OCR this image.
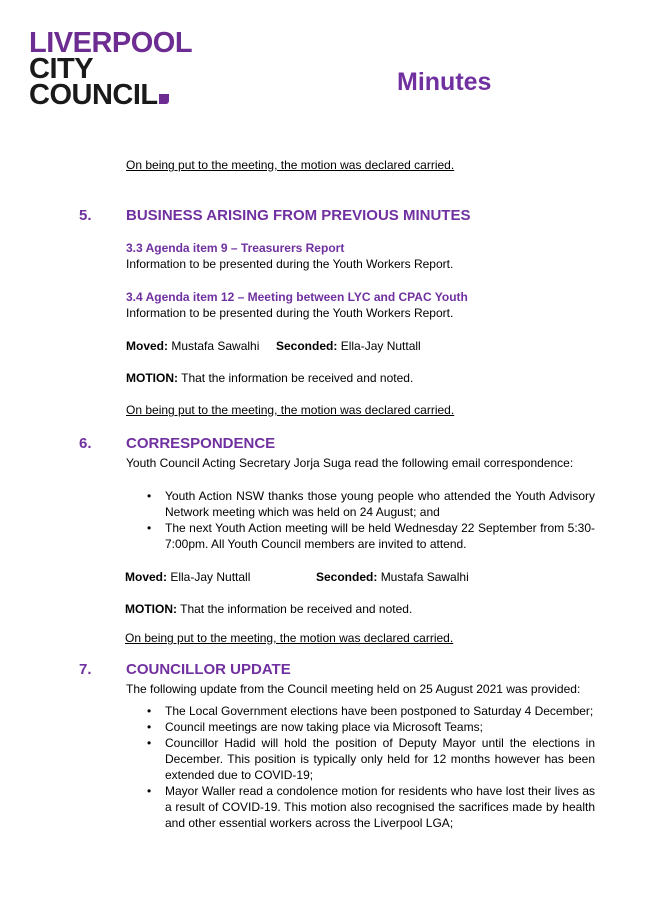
LIVERPOOL
CITY
COUNCIL	Minutes
On being put to the meeting, the motion was declared carried.
5. BUSINESS ARISING FROM PREVIOUS MINUTES
3.3 Agenda item 9 – Treasurers Report
Information to be presented during the Youth Workers Report.
3.4 Agenda item 12 – Meeting between LYC and CPAC Youth
Information to be presented during the Youth Workers Report.
Moved: Mustafa Sawalhi Seconded: Ella-Jay Nuttall
MOTION: That the information be received and noted.
On being put to the meeting, the motion was declared carried.
6. CORRESPONDENCE
Youth Council Acting Secretary Jorja Suga read the following email correspondence:
• Youth Action NSW thanks those young people who attended the Youth Advisory Network meeting which was held on 24 August; and
• The next Youth Action meeting will be held Wednesday 22 September from 5:30-7:00pm. All Youth Council members are invited to attend.
Moved: Ella-Jay Nuttall	Seconded: Mustafa Sawalhi
MOTION: That the information be received and noted.
On being put to the meeting, the motion was declared carried.
7. COUNCILLOR UPDATE
The following update from the Council meeting held on 25 August 2021 was provided:
• The Local Government elections have been postponed to Saturday 4 December;
• Council meetings are now taking place via Microsoft Teams;
• Councillor Hadid will hold the position of Deputy Mayor until the elections in December. This position is typically only held for 12 months however has been extended due to COVID-19;
• Mayor Waller read a condolence motion for residents who have lost their lives as a result of COVID-19. This motion also recognised the sacrifices made by health and other essential workers across the Liverpool LGA;
